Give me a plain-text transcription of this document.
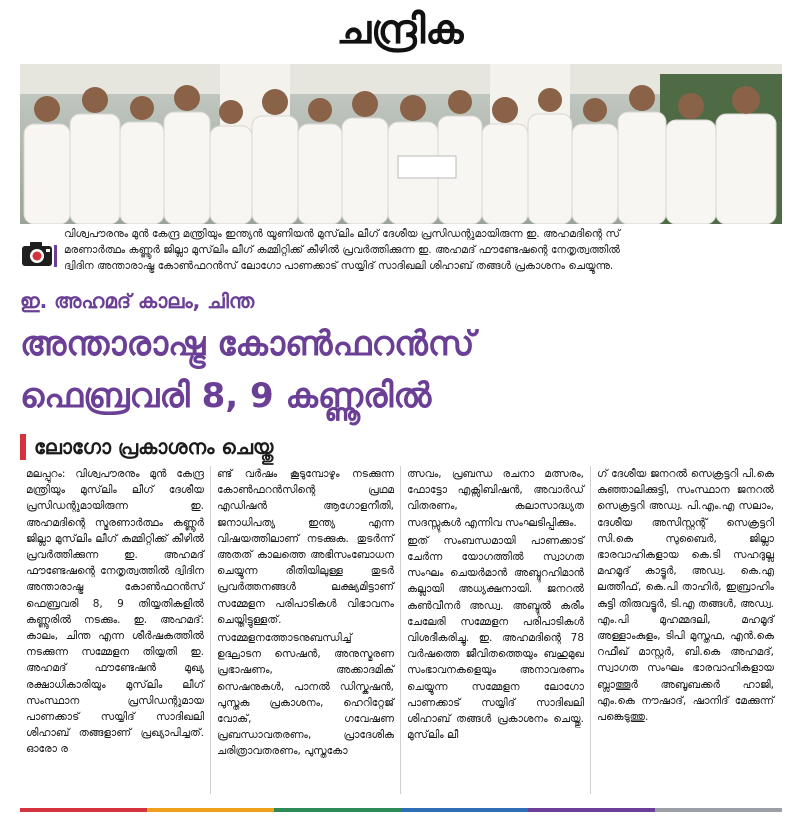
ചന്ദ്രിക

വിശ്വപൗരനും മുൻ കേന്ദ്ര മന്ത്രിയും ഇന്ത്യൻ യൂണിയൻ മുസ്‌ലിം ലീഗ് ദേശീയ പ്രസിഡന്റുമായിരുന്ന ഇ. അഹമദിന്റെ സ്

മരണാർത്ഥം കണ്ണൂർ ജില്ലാ മുസ്‌ലിം ലീഗ് കമ്മിറ്റിക്ക് കീഴിൽ പ്രവർത്തിക്കുന്ന ഇ. അഹമദ് ഫൗണ്ടേഷന്റെ നേതൃത്വത്തിൽ

ദ്വിദിന അന്താരാഷ്ട്ര കോൺഫറൻസ് ലോഗോ പാണക്കാട് സയ്യിദ് സാദിഖലി ശിഹാബ് തങ്ങൾ പ്രകാശനം ചെയ്യുന്നു.

ഇ. അഹമദ് കാലം, ചിന്ത

അന്താരാഷ്ട്ര കോൺഫറൻസ്

ഫെബ്രവരി 8, 9 കണ്ണൂരിൽ

ലോഗോ പ്രകാശനം ചെയ്തു

മലപ്പുറം: വിശ്വപൗരനും മുൻ കേന്ദ്ര മന്ത്രിയും മുസ്‌ലിം ലീഗ് ദേശീയ പ്രസിഡന്റുമായിരുന്ന ഇ. അഹമദിന്റെ സ്മരണാർത്ഥം കണ്ണൂർ ജില്ലാ മുസ്‌ലിം ലീഗ് കമ്മിറ്റിക്ക് കീഴിൽ പ്രവർത്തിക്കുന്ന ഇ. അഹമദ് ഫൗണ്ടേഷന്റെ നേതൃത്വത്തിൽ ദ്വിദിന അന്താരാഷ്ട്ര കോൺഫറൻസ് ഫെബ്രവരി 8, 9 തിയ്യതികളിൽ കണ്ണൂരിൽ നടക്കും. ഇ. അഹമദ്: കാലം, ചിന്ത എന്ന ശീർഷകത്തിൽ നടക്കുന്ന സമ്മേളന തിയ്യതി ഇ. അഹമദ് ഫൗണ്ടേഷൻ മുഖ്യ രക്ഷാധികാരിയും മുസ്‌ലിം ലീഗ് സംസ്ഥാന പ്രസിഡന്റുമായ പാണക്കാട് സയ്യിദ് സാദിഖലി ശിഹാബ് തങ്ങളാണ് പ്രഖ്യാപിച്ചത്. ഓരോ ര

ണ്ട് വർഷം കൂടുമ്പോഴും നടക്കുന്ന കോൺഫറൻസിന്റെ പ്രഥമ എഡിഷൻ ആഗോളനീതി, ജനാധിപത്യ ഇന്ത്യ എന്ന വിഷയത്തിലാണ് നടക്കുക. തുടർന്ന് അതത് കാലത്തെ അഭിസംബോധന ചെയ്യുന്ന രീതിയിലുള്ള തുടർ പ്രവർത്തനങ്ങൾ ലക്ഷ്യമിട്ടാണ് സമ്മേളന പരിപാടികൾ വിഭാവനം ചെയ്തിട്ടുള്ളത്.

സമ്മേളനത്തോടനുബന്ധിച്ച് ഉദ്ഘാടന സെഷൻ, അനുസ്മരണ പ്രഭാഷണം, അക്കാദമിക് സെഷനുകൾ, പാനൽ ഡിസ്കഷൻ, പുസ്തക പ്രകാശനം, ഹെറിറ്റേജ് വോക്, ഗവേഷണ പ്രബന്ധാവതരണം, പ്രാദേശിക ചരിത്രാവതരണം, പുസ്തകോ

ത്സവം, പ്രബന്ധ രചനാ മത്സരം, ഫോട്ടോ എക്സിബിഷൻ, അവാർഡ് വിതരണം, കലാസാദ്ധ്യത സദസ്സുകൾ എന്നിവ സംഘടിപ്പിക്കും.

ഇത് സംബന്ധമായി പാണക്കാട് ചേർന്ന യോഗത്തിൽ സ്വാഗത സംഘം ചെയർമാൻ അബ്ദുറഹിമാൻ കല്ലായി അധ്യക്ഷനായി. ജനറൽ കൺവീനർ അഡ്വ. അബ്ദുൽ കരീം ചേലേരി സമ്മേളന പരിപാടികൾ വിശദീകരിച്ചു. ഇ. അഹമദിന്റെ 78 വർഷത്തെ ജീവിതത്തെയും ബഹുമുഖ സംഭാവനകളെയും അനാവരണം ചെയ്യുന്ന സമ്മേളന ലോഗോ പാണക്കാട് സയ്യിദ് സാദിഖലി ശിഹാബ് തങ്ങൾ പ്രകാശനം ചെയ്തു. മുസ്‌ലിം ലീ

ഗ് ദേശീയ ജനറൽ സെക്രട്ടറി പി.കെ കുഞ്ഞാലിക്കുട്ടി, സംസ്ഥാന ജനറൽ സെക്രട്ടറി അഡ്വ. പി.എം.എ സലാം, ദേശീയ അസിസ്റ്റന്റ് സെക്രട്ടറി സി.കെ സുബൈർ, ജില്ലാ ഭാരവാഹികളായ കെ.ടി സഹദുല്ല മഹമൂദ് കാട്ടൂർ, അഡ്വ. കെ.എ ലത്തീഫ്, കെ.പി താഹിർ, ഇബ്രാഹിം കുട്ടി തിരുവട്ടൂർ, ടി.എ തങ്ങൾ, അഡ്വ. എം.പി മുഹമ്മദലി, മഹമൂദ് അള്ളാംകുളം, ടിപി മുസ്തഫ, എൻ.കെ റഫീഖ് മാസ്റ്റർ, ബി.കെ അഹമദ്, സ്വാഗത സംഘം ഭാരവാഹികളായ ബ്ലാത്തൂർ അബൂബക്കർ ഹാജി, എം.കെ നൗഷാദ്, ഷാനിദ് മേക്കുന്ന് പങ്കെടുത്തു.
